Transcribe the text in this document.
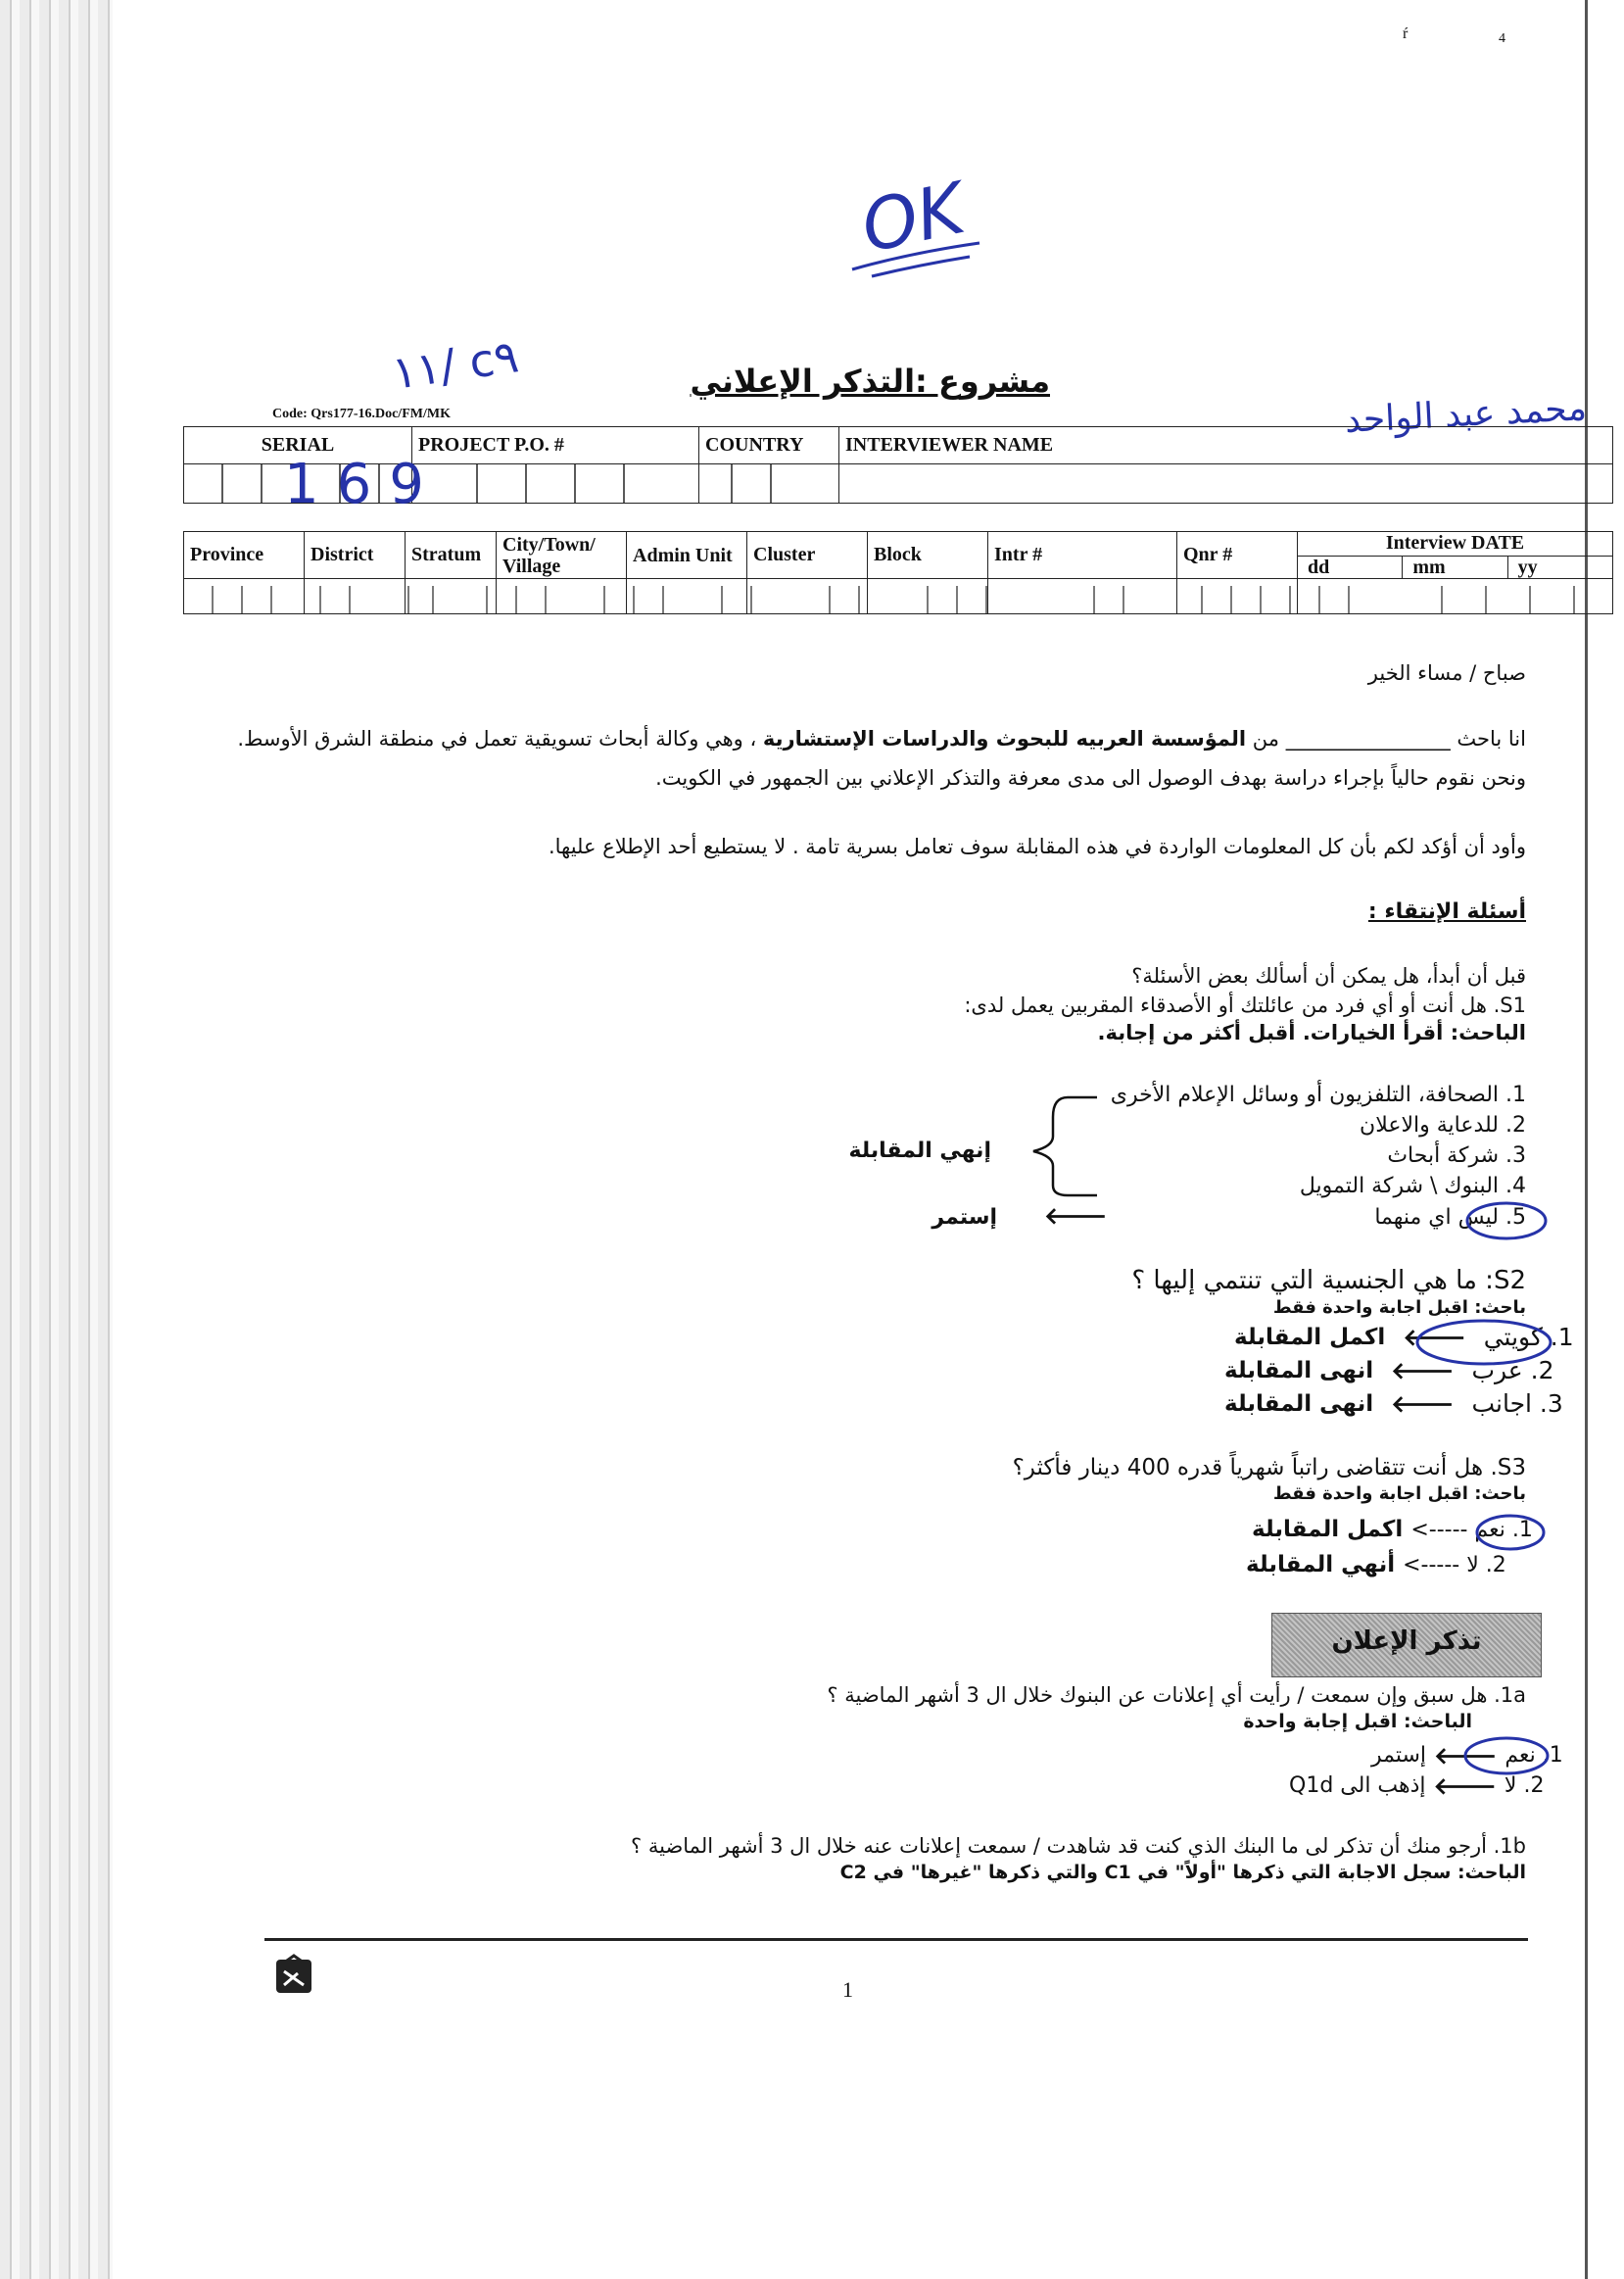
ŕ	4
OK
١١/ c٩	مشروع :التذكر الإعلاني
Code: Qrs177-16.Doc/FM/MK	محمد عبد الواحد
SERIAL	PROJECT P.O. #	COUNTRY	INTERVIEWER NAME

169
Province	District	Stratum	City/Town/ Village	Admin Unit	Cluster	Block	Intr #	Qnr #	Interview DATE
dd mm yy

صباح / مساء الخير
انا باحث ________________ من المؤسسة العربيه للبحوث والدراسات الإستشارية ، وهي وكالة أبحاث تسويقية تعمل في منطقة الشرق الأوسط.
ونحن نقوم حالياً بإجراء دراسة بهدف الوصول الى مدى معرفة والتذكر الإعلاني بين الجمهور في الكويت.
وأود أن أؤكد لكم بأن كل المعلومات الواردة في هذه المقابلة سوف تعامل بسرية تامة . لا يستطيع أحد الإطلاع عليها.
أسئلة الإنتقاء :
قبل أن أبدأ، هل يمكن أن أسألك بعض الأسئلة؟
S1. هل أنت أو أي فرد من عائلتك أو الأصدقاء المقربين يعمل لدى:
الباحث: أقرأ الخيارات. أقبل أكثر من إجابة.
1. الصحافة، التلفزيون أو وسائل الإعلام الأخرى
2. للدعاية والاعلان
3. شركة أبحاث
4. البنوك \ شركة التمويل
5. ليس اي منهما
إنهي المقابلة
🡐
إستمر
S2: ما هي الجنسية التي تنتمي إليها ؟
باحث: اقبل اجابة واحدة فقط
1. كويتي
🡐
اكمل المقابلة
2. عرب
🡐
انهى المقابلة
3. اجانب
🡐
انهى المقابلة
S3. هل أنت تتقاضى راتباً شهرياً قدره 400 دينار فأكثر؟
باحث: اقبل اجابة واحدة فقط
1. نعم ----->
اكمل المقابلة
2. لا ----->
أنهي المقابلة
تذكر الإعلان
1a. هل سبق وإن سمعت / رأيت أي إعلانات عن البنوك خلال ال 3 أشهر الماضية ؟
الباحث: اقبل إجابة واحدة
1. نعم
🡐
إستمر
2. لا
🡐
إذهب الى Q1d
1b. أرجو منك أن تذكر لى ما البنك الذي كنت قد شاهدت / سمعت إعلانات عنه خلال ال 3 أشهر الماضية ؟
الباحث: سجل الاجابة التي ذكرها "أولاً" في C1 والتي ذكرها "غيرها" في C2
1
